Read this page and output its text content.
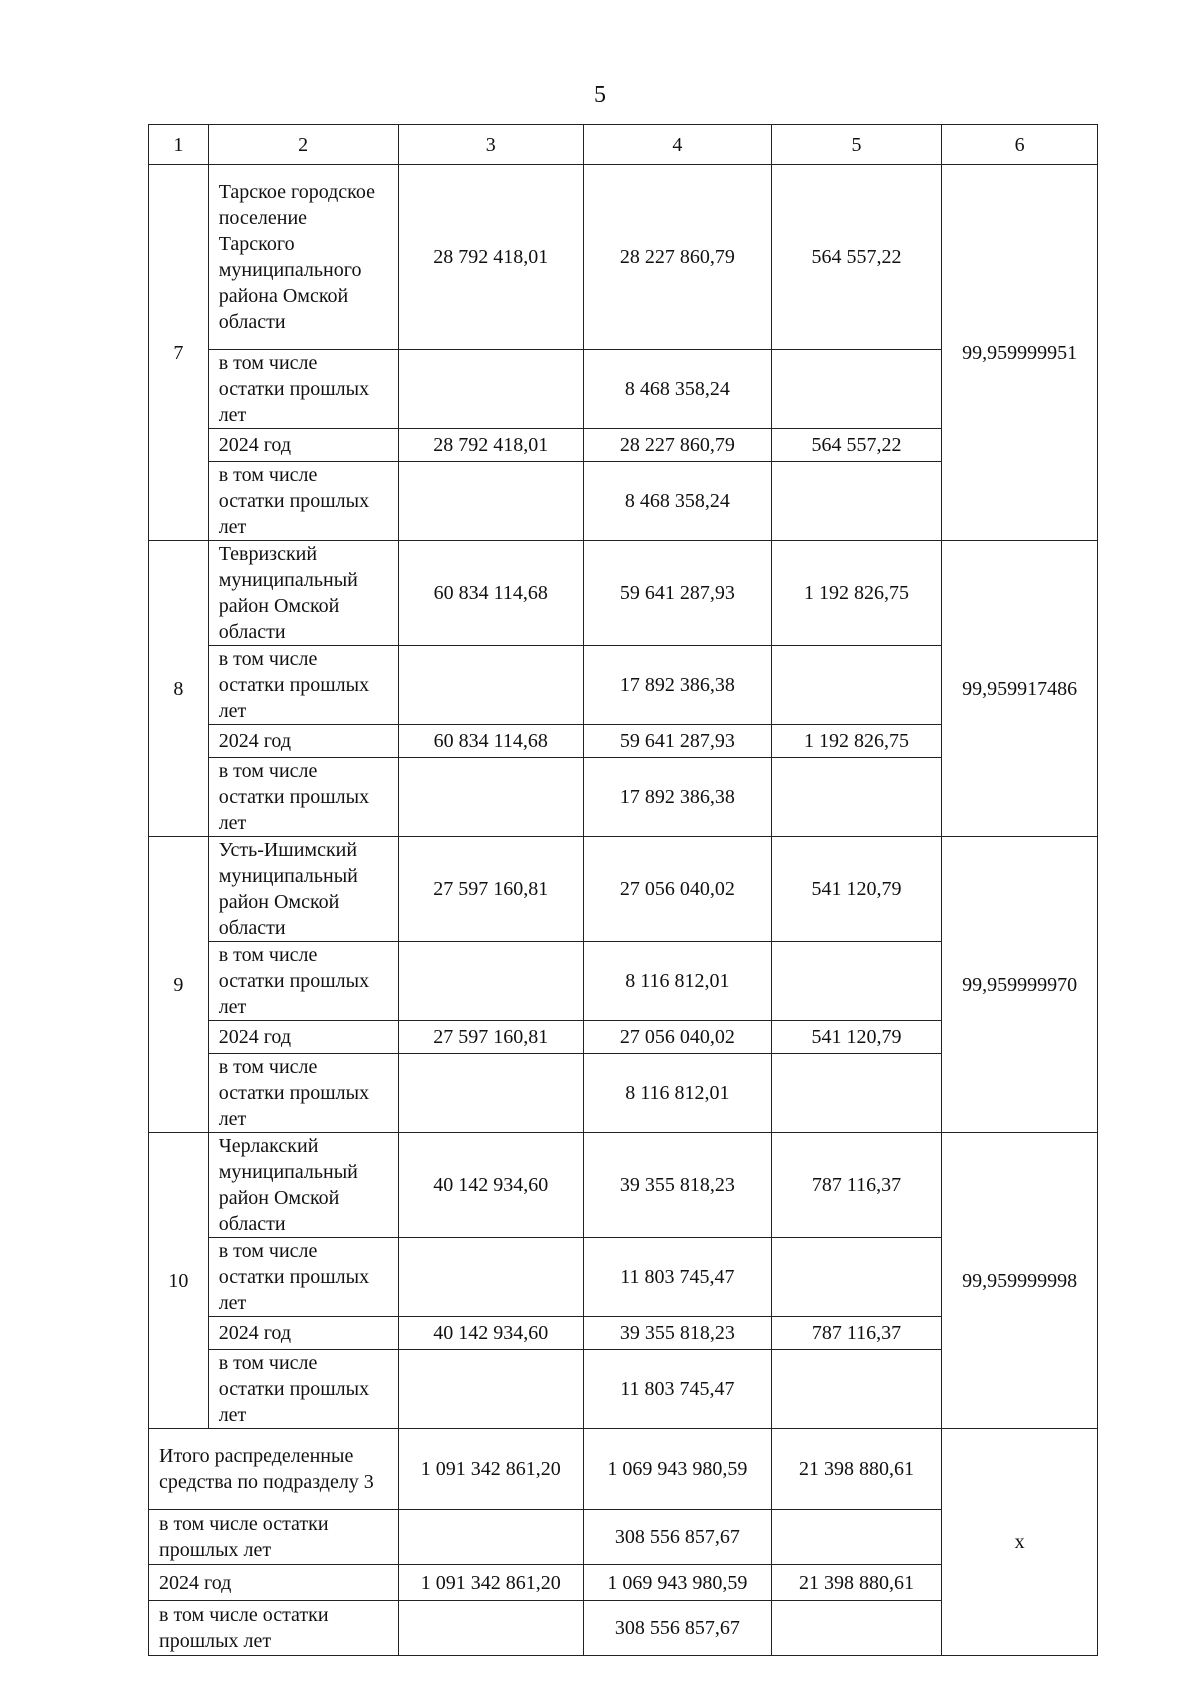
5
1	2	3	4	5	6
7	Тарское городское поселение Тарского муниципального района Омской области	28 792 418,01	28 227 860,79	564 557,22	99,959999951
	в том числе остатки прошлых лет		8 468 358,24		
	2024 год	28 792 418,01	28 227 860,79	564 557,22	
	в том числе остатки прошлых лет		8 468 358,24		
8	Тевризский муниципальный район Омской области	60 834 114,68	59 641 287,93	1 192 826,75	99,959917486
	в том числе остатки прошлых лет		17 892 386,38		
	2024 год	60 834 114,68	59 641 287,93	1 192 826,75	
	в том числе остатки прошлых лет		17 892 386,38		
9	Усть-Ишимский муниципальный район Омской области	27 597 160,81	27 056 040,02	541 120,79	99,959999970
	в том числе остатки прошлых лет		8 116 812,01		
	2024 год	27 597 160,81	27 056 040,02	541 120,79	
	в том числе остатки прошлых лет		8 116 812,01		
10	Черлакский муниципальный район Омской области	40 142 934,60	39 355 818,23	787 116,37	99,959999998
	в том числе остатки прошлых лет		11 803 745,47		
	2024 год	40 142 934,60	39 355 818,23	787 116,37	
	в том числе остатки прошлых лет		11 803 745,47		
Итого распределенные средства по подразделу 3		1 091 342 861,20	1 069 943 980,59	21 398 880,61	х
в том числе остатки прошлых лет			308 556 857,67		
2024 год		1 091 342 861,20	1 069 943 980,59	21 398 880,61	
в том числе остатки прошлых лет			308 556 857,67		
